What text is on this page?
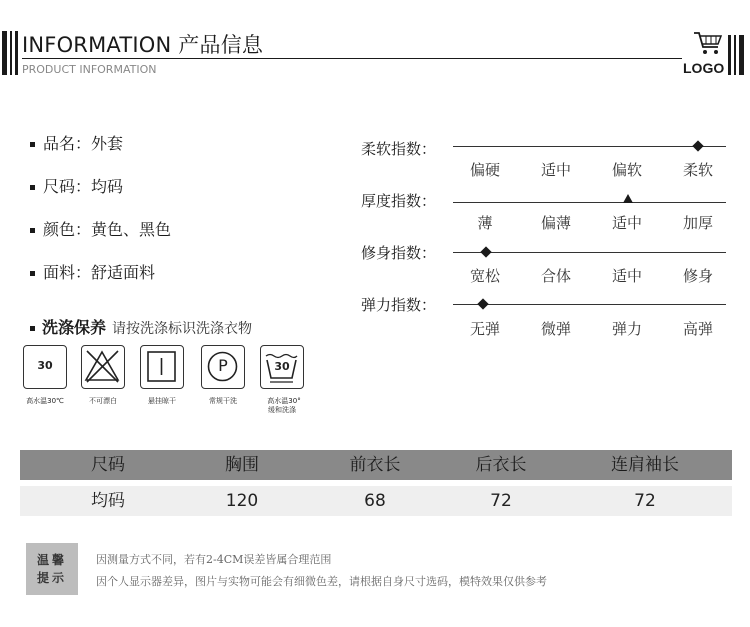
INFORMATION 产品信息
PRODUCT INFORMATION	LOGO
品名：外套
尺码：均码
颜色：黄色、黑色
面料：舒适面料
柔软指数：
偏硬	适中	偏软	柔软
厚度指数：
薄	偏薄	适中	加厚
修身指数：
宽松	合体	适中	修身
弹力指数：
无弹	微弹	弹力	高弹
洗涤保养 请按洗涤标识洗涤衣物
30
高水温30℃	不可漂白	悬挂晾干
P
常规干洗
30
高水温30°
缓和洗涤
尺码	胸围	前衣长	后衣长	连肩袖长
均码	120	68	72	72
温馨
提示
因测量方式不同，若有2-4CM误差皆属合理范围
因个人显示器差异，图片与实物可能会有细微色差，请根据自身尺寸选码，模特效果仅供参考
